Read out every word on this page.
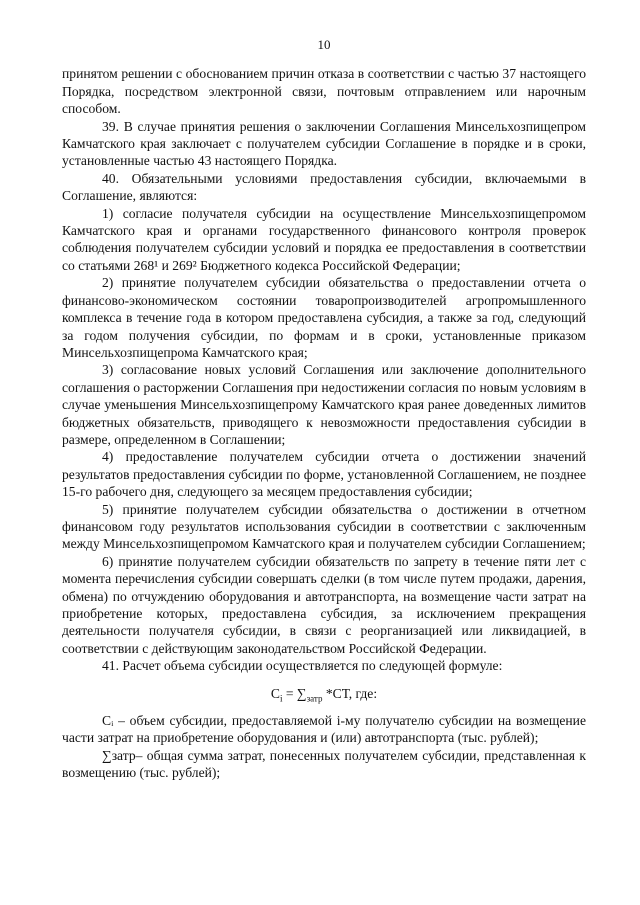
10

принятом решении с обоснованием причин отказа в соответствии с частью 37 настоящего Порядка, посредством электронной связи, почтовым отправлением или нарочным способом.

39. В случае принятия решения о заключении Соглашения Минсельхозпищепром Камчатского края заключает с получателем субсидии Соглашение в порядке и в сроки, установленные частью 43 настоящего Порядка.

40. Обязательными условиями предоставления субсидии, включаемыми в Соглашение, являются:

1) согласие получателя субсидии на осуществление Минсельхозпищепромом Камчатского края и органами государственного финансового контроля проверок соблюдения получателем субсидии условий и порядка ее предоставления в соответствии со статьями 268¹ и 269² Бюджетного кодекса Российской Федерации;

2) принятие получателем субсидии обязательства о предоставлении отчета о финансово-экономическом состоянии товаропроизводителей агропромышленного комплекса в течение года в котором предоставлена субсидия, а также за год, следующий за годом получения субсидии, по формам и в сроки, установленные приказом Минсельхозпищепрома Камчатского края;

3) согласование новых условий Соглашения или заключение дополнительного соглашения о расторжении Соглашения при недостижении согласия по новым условиям в случае уменьшения Минсельхозпищепрому Камчатского края ранее доведенных лимитов бюджетных обязательств, приводящего к невозможности предоставления субсидии в размере, определенном в Соглашении;

4) предоставление получателем субсидии отчета о достижении значений результатов предоставления субсидии по форме, установленной Соглашением, не позднее 15-го рабочего дня, следующего за месяцем предоставления субсидии;

5) принятие получателем субсидии обязательства о достижении в отчетном финансовом году результатов использования субсидии в соответствии с заключенным между Минсельхозпищепромом Камчатского края и получателем субсидии Соглашением;

6) принятие получателем субсидии обязательств по запрету в течение пяти лет с момента перечисления субсидии совершать сделки (в том числе путем продажи, дарения, обмена) по отчуждению оборудования и автотранспорта, на возмещение части затрат на приобретение которых, предоставлена субсидия, за исключением прекращения деятельности получателя субсидии, в связи с реорганизацией или ликвидацией, в соответствии с действующим законодательством Российской Федерации.

41. Расчет объема субсидии осуществляется по следующей формуле:

$С_i = \sum_{затр}$ *СТ, где:

Сᵢ – объем субсидии, предоставляемой i-му получателю субсидии на возмещение части затрат на приобретение оборудования и (или) автотранспорта (тыс. рублей);

∑затр– общая сумма затрат, понесенных получателем субсидии, представленная к возмещению (тыс. рублей);
